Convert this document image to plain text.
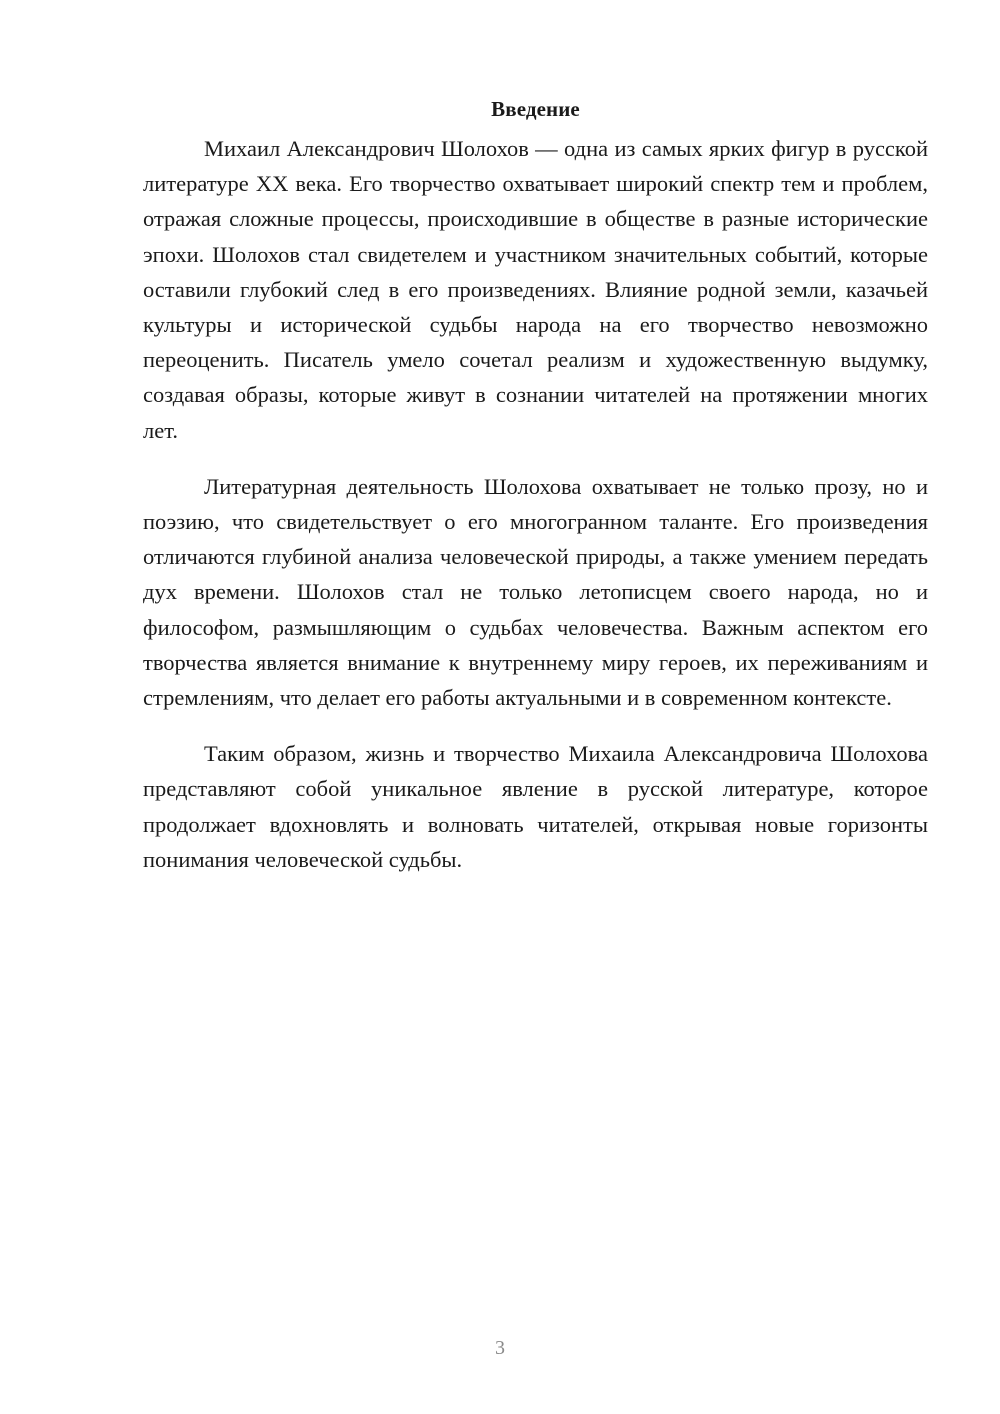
Введение

Михаил Александрович Шолохов — одна из самых ярких фигур в русской литературе XX века. Его творчество охватывает широкий спектр тем и проблем, отражая сложные процессы, происходившие в обществе в разные исторические эпохи. Шолохов стал свидетелем и участником значительных событий, которые оставили глубокий след в его произведениях. Влияние родной земли, казачьей культуры и исторической судьбы народа на его творчество невозможно переоценить. Писатель умело сочетал реализм и художественную выдумку, создавая образы, которые живут в сознании читателей на протяжении многих лет.

Литературная деятельность Шолохова охватывает не только прозу, но и поэзию, что свидетельствует о его многогранном таланте. Его произведения отличаются глубиной анализа человеческой природы, а также умением передать дух времени. Шолохов стал не только летописцем своего народа, но и философом, размышляющим о судьбах человечества. Важным аспектом его творчества является внимание к внутреннему миру героев, их переживаниям и стремлениям, что делает его работы актуальными и в современном контексте.

Таким образом, жизнь и творчество Михаила Александровича Шолохова представляют собой уникальное явление в русской литературе, которое продолжает вдохновлять и волновать читателей, открывая новые горизонты понимания человеческой судьбы.

3
